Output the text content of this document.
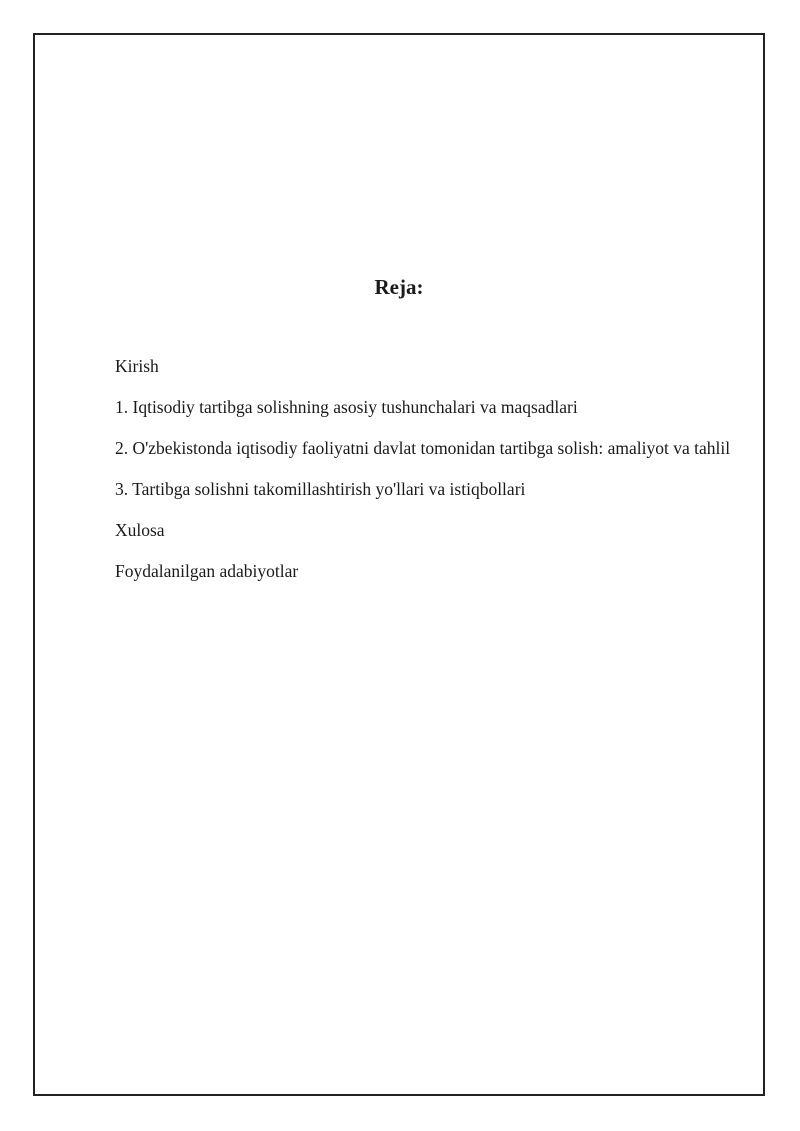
Reja:
Kirish
1. Iqtisodiy tartibga solishning asosiy tushunchalari va maqsadlari
2. O'zbekistonda iqtisodiy faoliyatni davlat tomonidan tartibga solish: amaliyot va tahlil
3. Tartibga solishni takomillashtirish yo'llari va istiqbollari
Xulosa
Foydalanilgan adabiyotlar
